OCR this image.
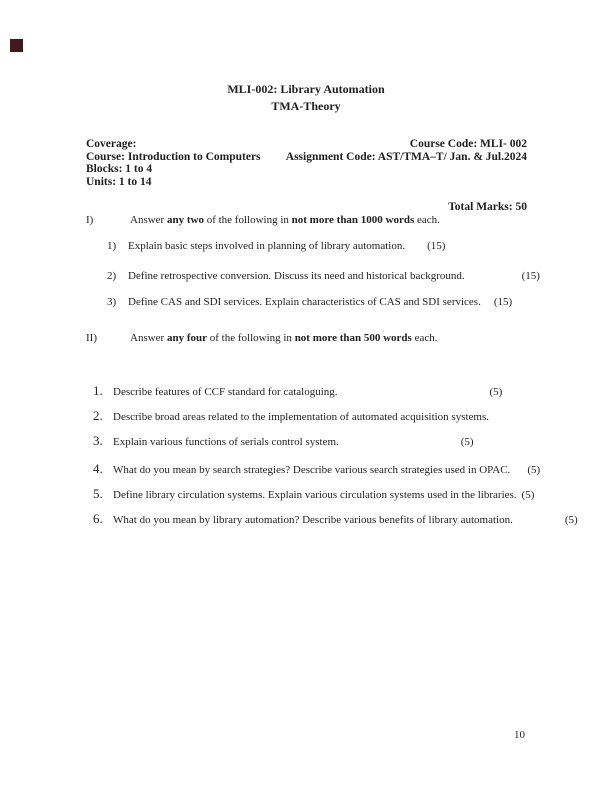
MLI-002: Library Automation
TMA-Theory
Coverage:	Course Code: MLI- 002
Course: Introduction to Computers Assignment Code: AST/TMA–T/ Jan. & Jul.2024
Blocks: 1 to 4
Units: 1 to 14
Total Marks: 50
I)	Answer any two of the following in not more than 1000 words each.
1) Explain basic steps involved in planning of library automation. (15)
2) Define retrospective conversion. Discuss its need and historical background.	(15)
3) Define CAS and SDI services. Explain characteristics of CAS and SDI services. (15)
II)	Answer any four of the following in not more than 500 words each.
1. Describe features of CCF standard for cataloguing.	(5)
2. Describe broad areas related to the implementation of automated acquisition systems.
3. Explain various functions of serials control system.	(5)
4. What do you mean by search strategies? Describe various search strategies used in OPAC. (5)
5. Define library circulation systems. Explain various circulation systems used in the libraries. (5)
6. What do you mean by library automation? Describe various benefits of library automation.	(5)
10
